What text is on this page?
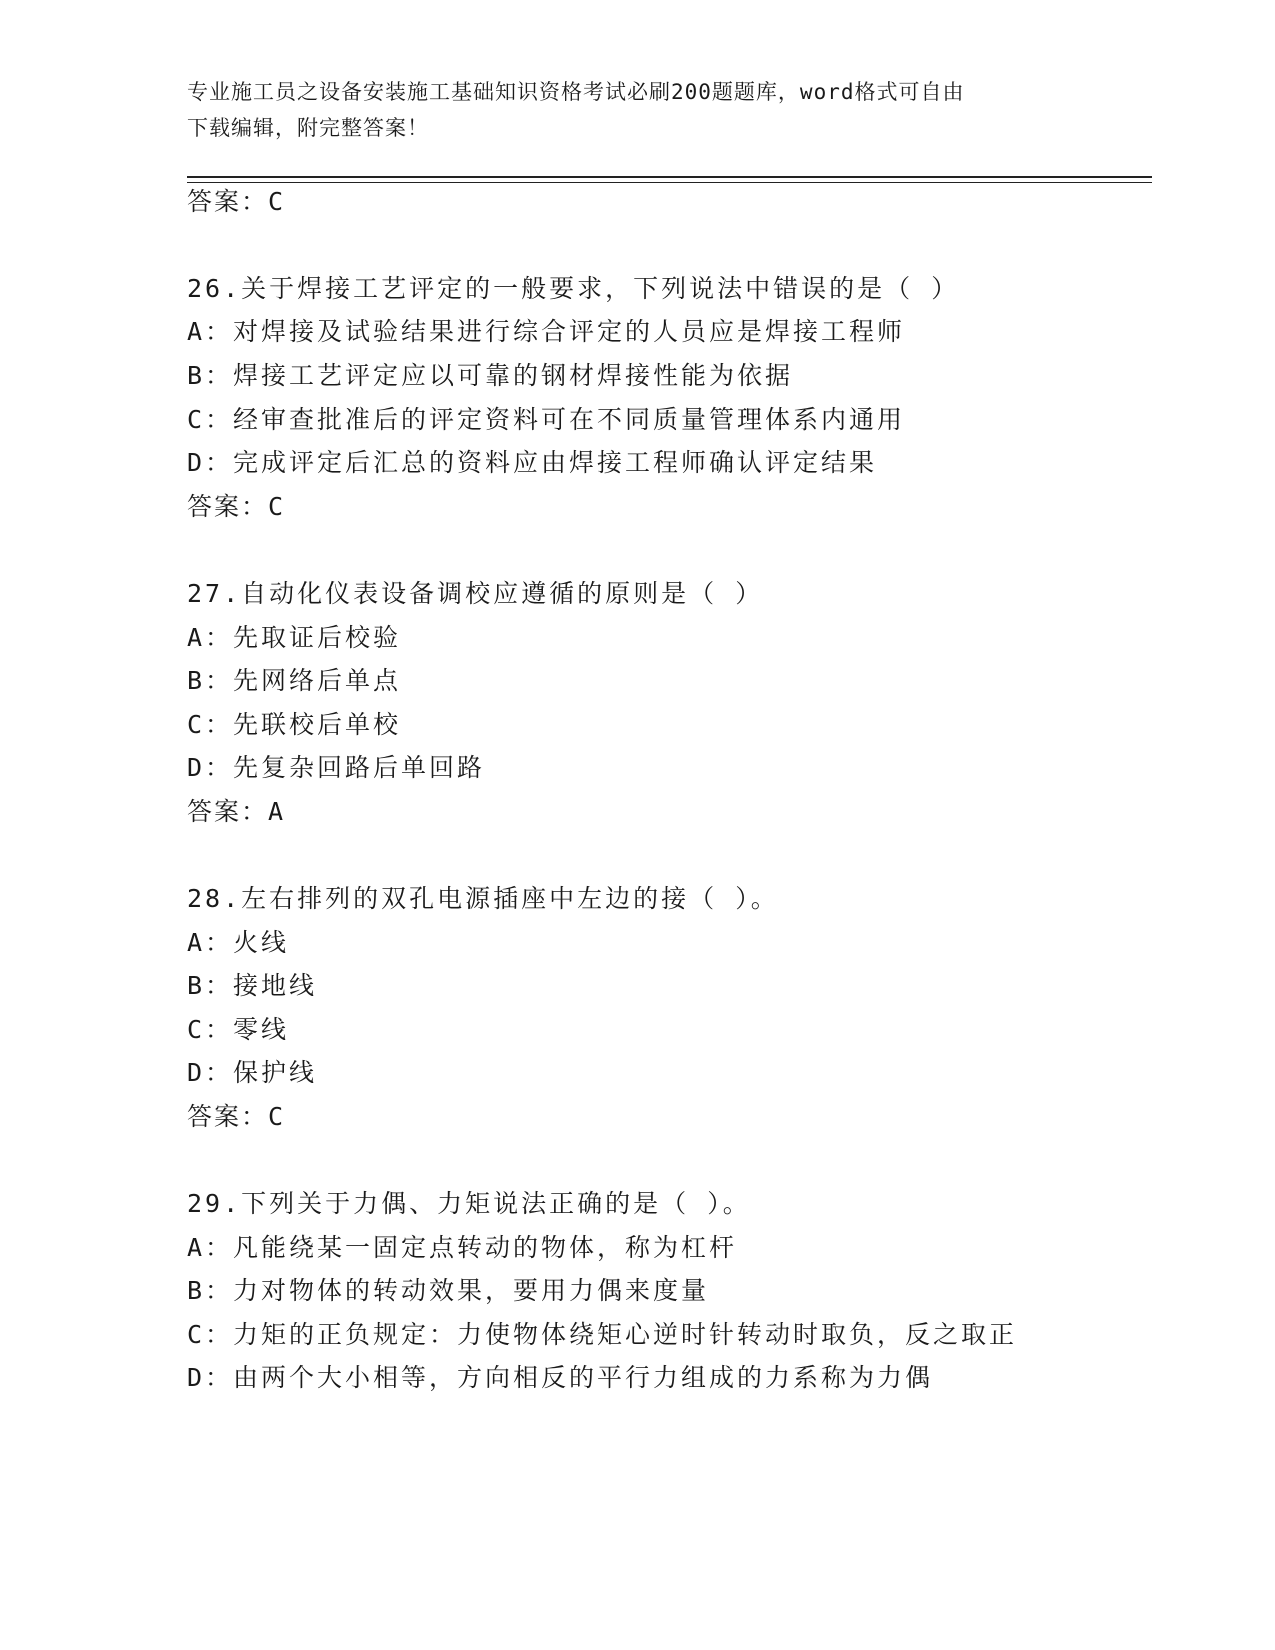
专业施工员之设备安装施工基础知识资格考试必刷200题题库，word格式可自由
下载编辑，附完整答案！
答案：C
26.关于焊接工艺评定的一般要求，下列说法中错误的是（ ）
A：对焊接及试验结果进行综合评定的人员应是焊接工程师
B：焊接工艺评定应以可靠的钢材焊接性能为依据
C：经审查批准后的评定资料可在不同质量管理体系内通用
D：完成评定后汇总的资料应由焊接工程师确认评定结果
答案：C
27.自动化仪表设备调校应遵循的原则是（ ）
A：先取证后校验
B：先网络后单点
C：先联校后单校
D：先复杂回路后单回路
答案：A
28.左右排列的双孔电源插座中左边的接（ ）。
A：火线
B：接地线
C：零线
D：保护线
答案：C
29.下列关于力偶、力矩说法正确的是（ ）。
A：凡能绕某一固定点转动的物体，称为杠杆
B：力对物体的转动效果，要用力偶来度量
C：力矩的正负规定：力使物体绕矩心逆时针转动时取负，反之取正
D：由两个大小相等，方向相反的平行力组成的力系称为力偶
